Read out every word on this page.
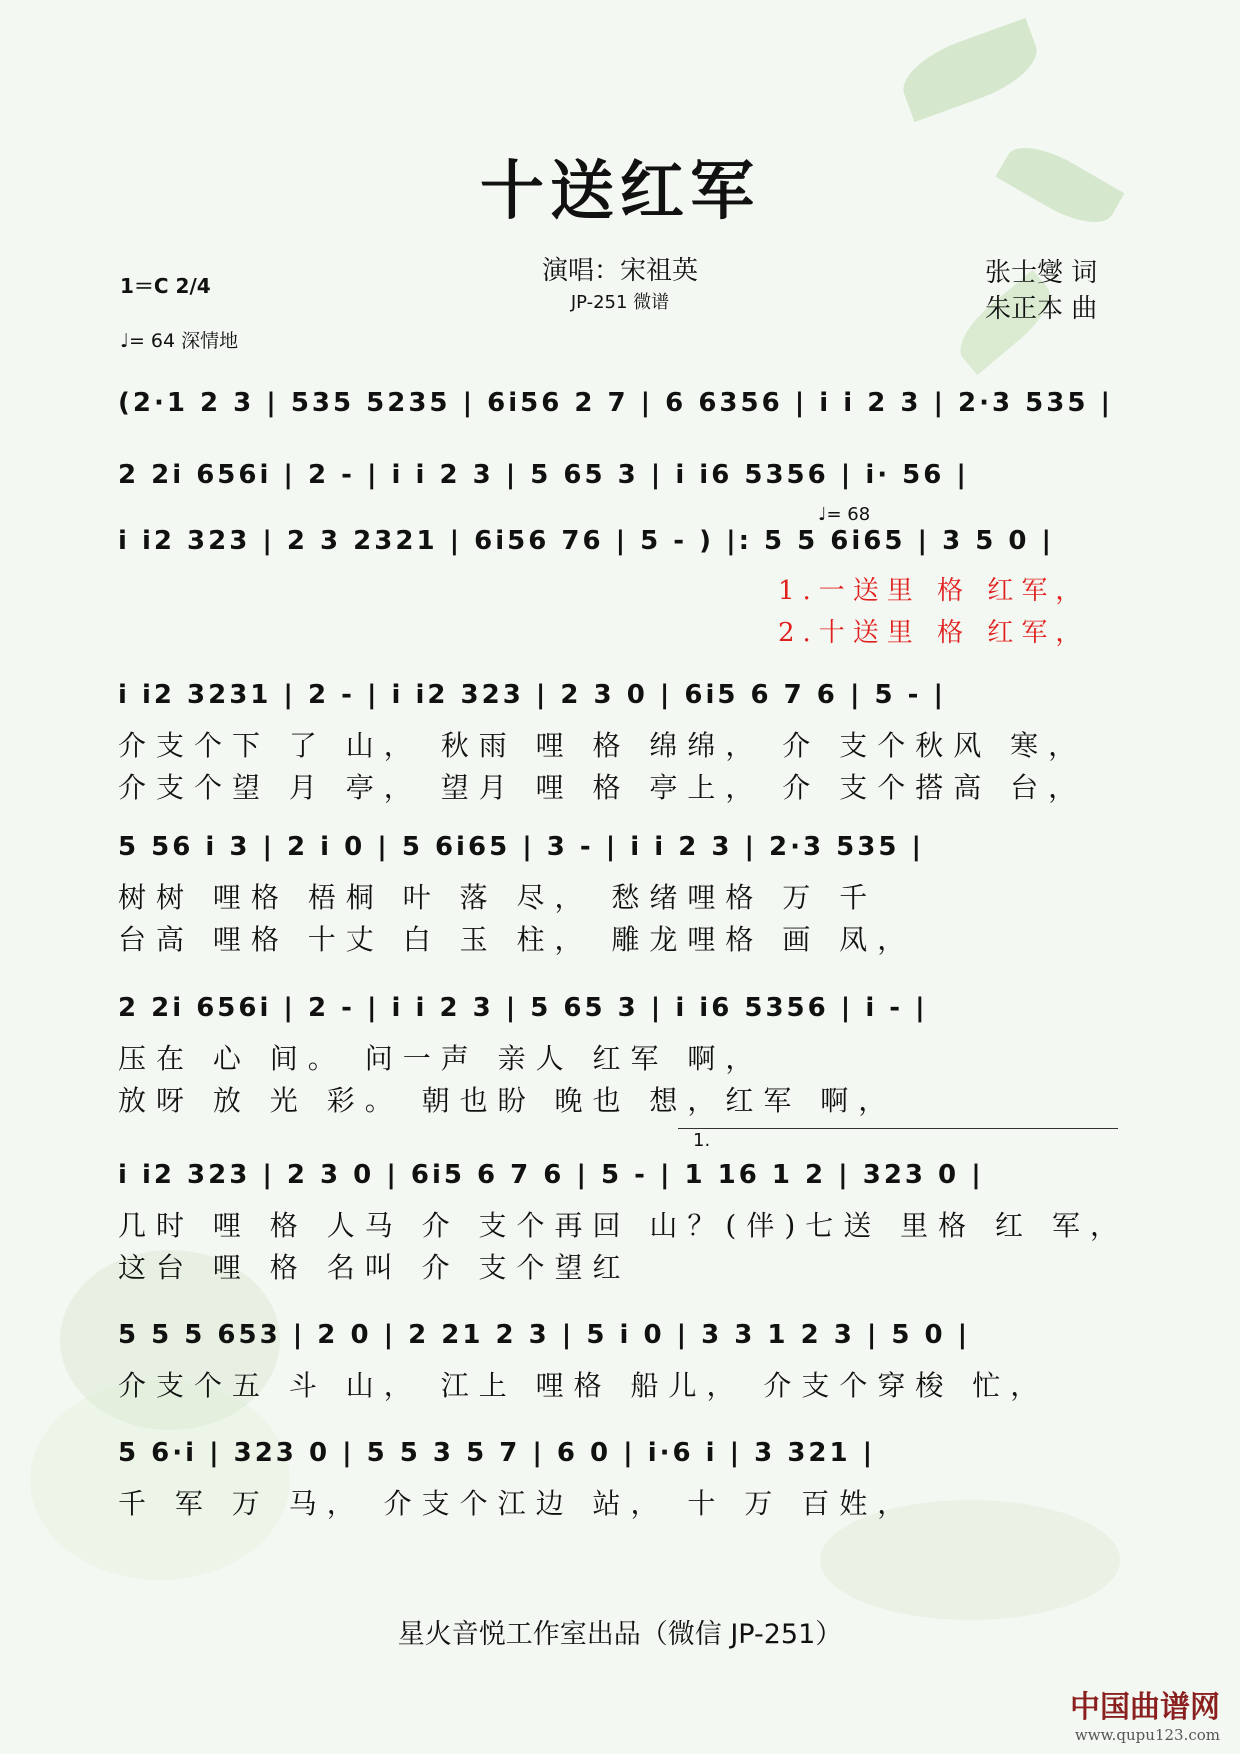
十送红军
演唱：宋祖英
JP-251 微谱
张士燮 词
朱正本 曲
1＝C 2/4
♩= 64 深情地
(2·1 2 3 | 535 5235 | 6i56 2 7 | 6 6356 | i i 2 3 | 2·3 535 |
2 2i 656i | 2 - | i i 2 3 | 5 65 3 | i i6 5356 | i· 56 |
i i2 323 | 2 3 2321 | 6i56 76 | 5 - ) |: 5 5 6i65 | 3 5 0 |
♩= 68
1.一送里 格 红军，
2.十送里 格 红军，
i i2 3231 | 2 - | i i2 323 | 2 3 0 | 6i5 6 7 6 | 5 - |
介支个下 了 山， 秋雨 哩 格 绵绵， 介 支个秋风 寒，
介支个望 月 亭， 望月 哩 格 亭上， 介 支个搭高 台，
5 56 i 3 | 2 i 0 | 5 6i65 | 3 - | i i 2 3 | 2·3 535 |
树树 哩格 梧桐 叶 落 尽， 愁绪哩格 万 千
台高 哩格 十丈 白 玉 柱， 雕龙哩格 画 凤，
2 2i 656i | 2 - | i i 2 3 | 5 65 3 | i i6 5356 | i - |
压在 心 间。 问一声 亲人 红军 啊，
放呀 放 光 彩。 朝也盼 晚也 想，红军 啊，
1.
i i2 323 | 2 3 0 | 6i5 6 7 6 | 5 - | 1 16 1 2 | 323 0 |
几时 哩 格 人马 介 支个再回 山？(伴)七送 里格 红 军，
这台 哩 格 名叫 介 支个望红
5 5 5 653 | 2 0 | 2 21 2 3 | 5 i 0 | 3 3 1 2 3 | 5 0 |
介支个五 斗 山， 江上 哩格 船儿， 介支个穿梭 忙，
5 6·i | 323 0 | 5 5 3 5 7 | 6 0 | i·6 i | 3 321 |
千 军 万 马， 介支个江边 站， 十 万 百姓，
星火音悦工作室出品（微信 JP-251）
中国曲谱网
www.qupu123.com
